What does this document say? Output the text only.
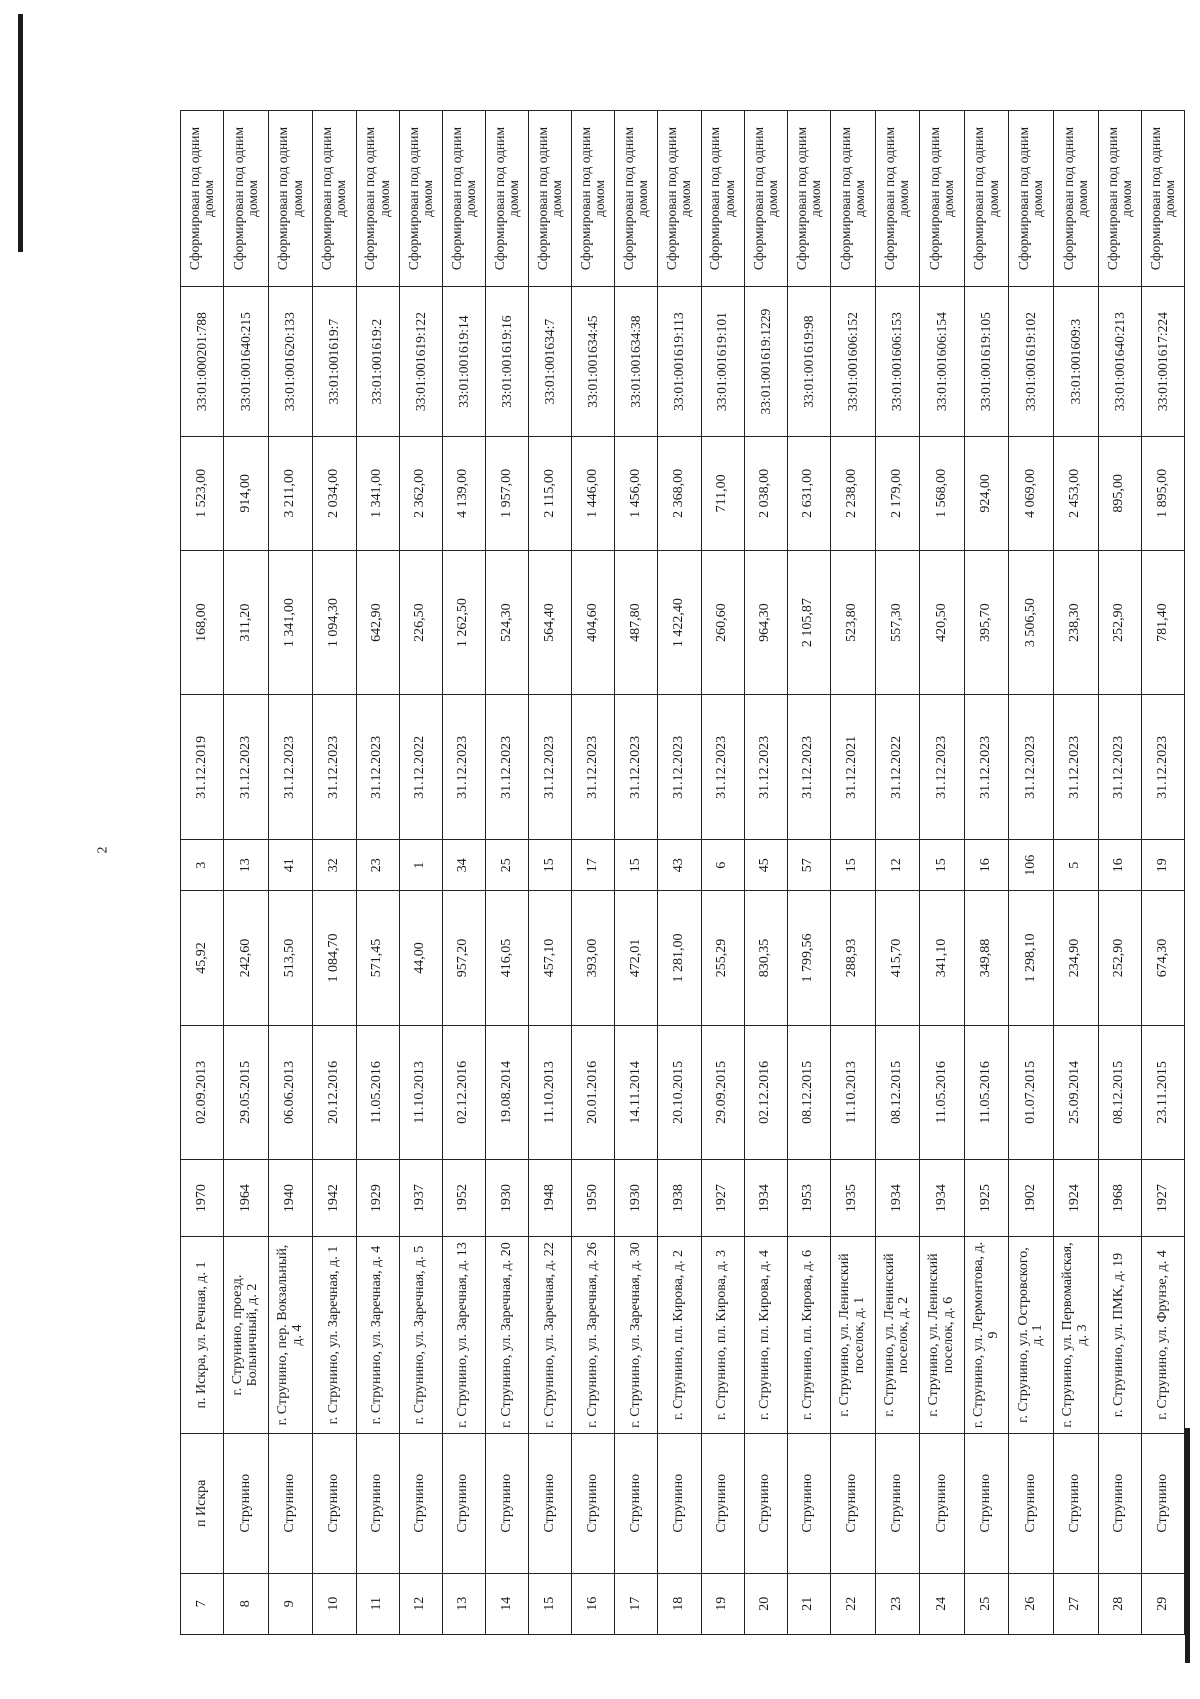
2
7	п Искра	п. Искра, ул. Речная, д. 1	1970	02.09.2013	45,92	3	31.12.2019	168,00	1 523,00	33:01:000201:788	Сформирован под одним домом
8	Струнино	г. Струнино, проезд. Больничный, д. 2	1964	29.05.2015	242,60	13	31.12.2023	311,20	914,00	33:01:001640:215	Сформирован под одним домом
9	Струнино	г. Струнино, пер. Вокзальный, д. 4	1940	06.06.2013	513,50	41	31.12.2023	1 341,00	3 211,00	33:01:001620:133	Сформирован под одним домом
10	Струнино	г. Струнино, ул. Заречная, д. 1	1942	20.12.2016	1 084,70	32	31.12.2023	1 094,30	2 034,00	33:01:001619:7	Сформирован под одним домом
11	Струнино	г. Струнино, ул. Заречная, д. 4	1929	11.05.2016	571,45	23	31.12.2023	642,90	1 341,00	33:01:001619:2	Сформирован под одним домом
12	Струнино	г. Струнино, ул. Заречная, д. 5	1937	11.10.2013	44,00	1	31.12.2022	226,50	2 362,00	33:01:001619:122	Сформирован под одним домом
13	Струнино	г. Струнино, ул. Заречная, д. 13	1952	02.12.2016	957,20	34	31.12.2023	1 262,50	4 139,00	33:01:001619:14	Сформирован под одним домом
14	Струнино	г. Струнино, ул. Заречная, д. 20	1930	19.08.2014	416,05	25	31.12.2023	524,30	1 957,00	33:01:001619:16	Сформирован под одним домом
15	Струнино	г. Струнино, ул. Заречная, д. 22	1948	11.10.2013	457,10	15	31.12.2023	564,40	2 115,00	33:01:001634:7	Сформирован под одним домом
16	Струнино	г. Струнино, ул. Заречная, д. 26	1950	20.01.2016	393,00	17	31.12.2023	404,60	1 446,00	33:01:001634:45	Сформирован под одним домом
17	Струнино	г. Струнино, ул. Заречная, д. 30	1930	14.11.2014	472,01	15	31.12.2023	487,80	1 456,00	33:01:001634:38	Сформирован под одним домом
18	Струнино	г. Струнино, пл. Кирова, д. 2	1938	20.10.2015	1 281,00	43	31.12.2023	1 422,40	2 368,00	33:01:001619:113	Сформирован под одним домом
19	Струнино	г. Струнино, пл. Кирова, д. 3	1927	29.09.2015	255,29	6	31.12.2023	260,60	711,00	33:01:001619:101	Сформирован под одним домом
20	Струнино	г. Струнино, пл. Кирова, д. 4	1934	02.12.2016	830,35	45	31.12.2023	964,30	2 038,00	33:01:001619:1229	Сформирован под одним домом
21	Струнино	г. Струнино, пл. Кирова, д. 6	1953	08.12.2015	1 799,56	57	31.12.2023	2 105,87	2 631,00	33:01:001619:98	Сформирован под одним домом
22	Струнино	г. Струнино, ул. Ленинский поселок, д. 1	1935	11.10.2013	288,93	15	31.12.2021	523,80	2 238,00	33:01:001606:152	Сформирован под одним домом
23	Струнино	г. Струнино, ул. Ленинский поселок, д. 2	1934	08.12.2015	415,70	12	31.12.2022	557,30	2 179,00	33:01:001606:153	Сформирован под одним домом
24	Струнино	г. Струнино, ул. Ленинский поселок, д. 6	1934	11.05.2016	341,10	15	31.12.2023	420,50	1 568,00	33:01:001606:154	Сформирован под одним домом
25	Струнино	г. Струнино, ул. Лермонтова, д. 9	1925	11.05.2016	349,88	16	31.12.2023	395,70	924,00	33:01:001619:105	Сформирован под одним домом
26	Струнино	г. Струнино, ул. Островского, д. 1	1902	01.07.2015	1 298,10	106	31.12.2023	3 506,50	4 069,00	33:01:001619:102	Сформирован под одним домом
27	Струнино	г. Струнино, ул. Первомайская, д. 3	1924	25.09.2014	234,90	5	31.12.2023	238,30	2 453,00	33:01:001609:3	Сформирован под одним домом
28	Струнино	г. Струнино, ул. ПМК, д. 19	1968	08.12.2015	252,90	16	31.12.2023	252,90	895,00	33:01:001640:213	Сформирован под одним домом
29	Струнино	г. Струнино, ул. Фрунзе, д. 4	1927	23.11.2015	674,30	19	31.12.2023	781,40	1 895,00	33:01:001617:224	Сформирован под одним домом
